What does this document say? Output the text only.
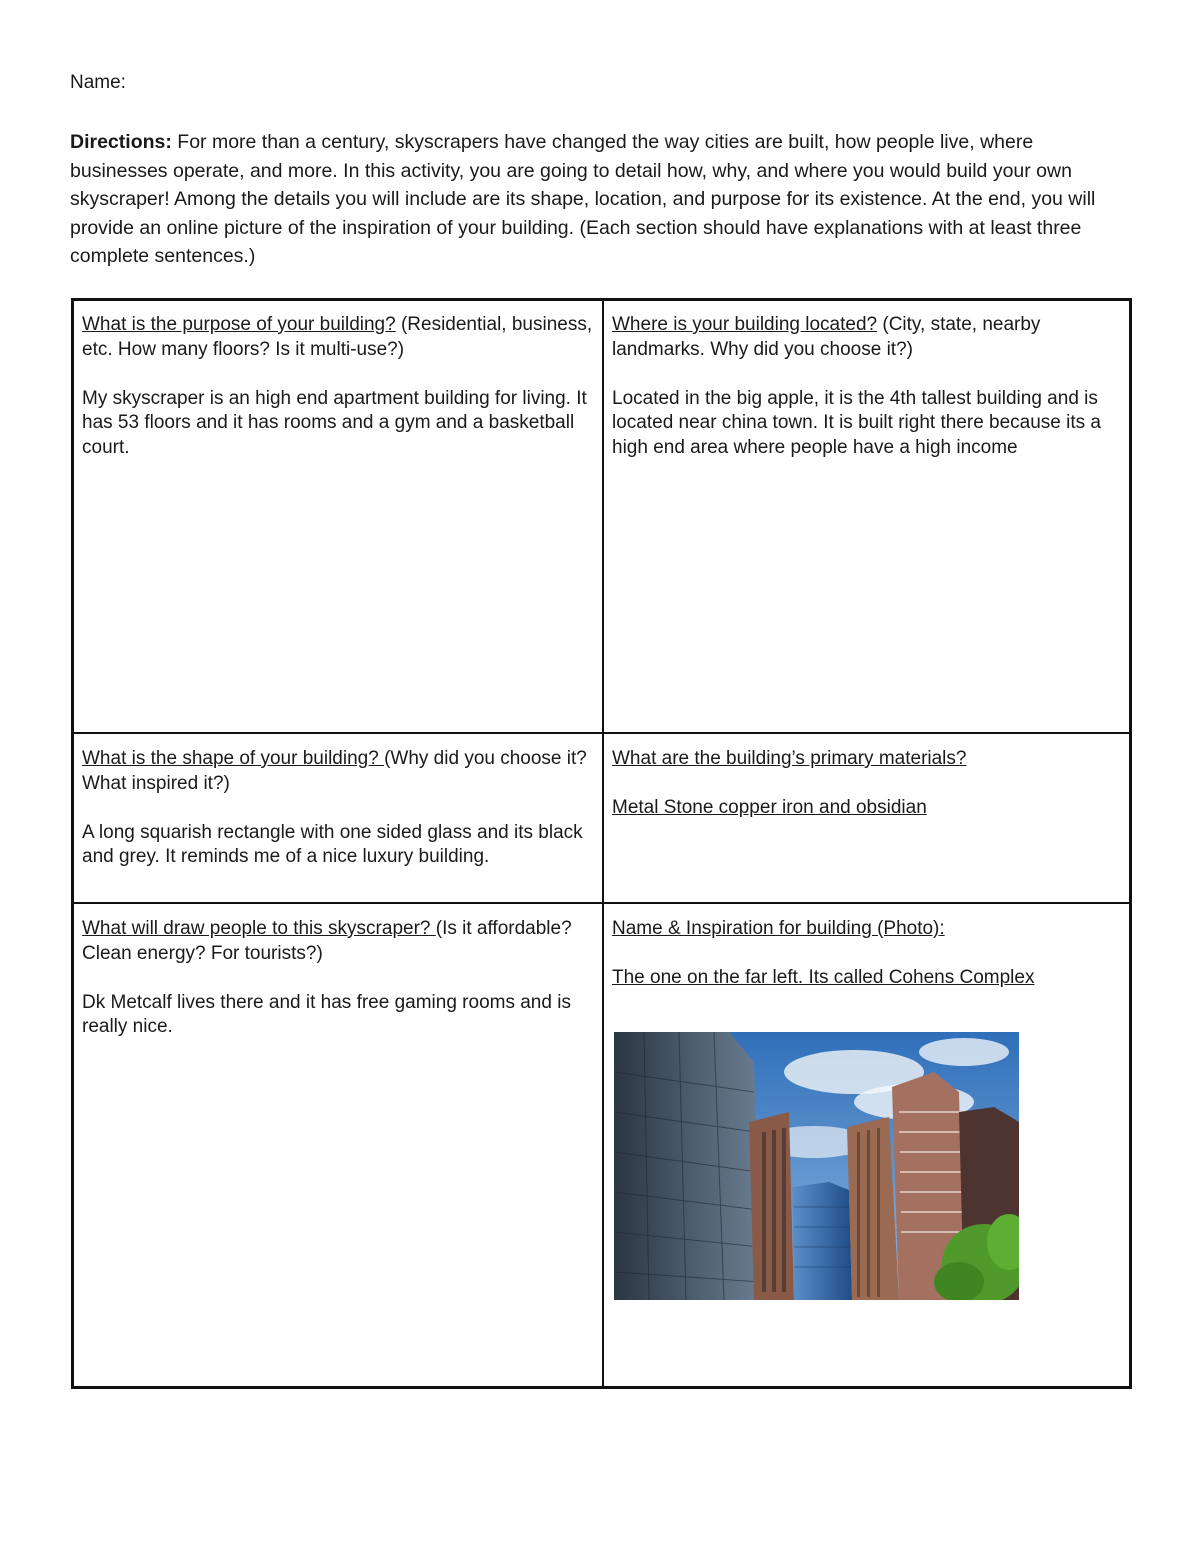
Name:
Directions: For more than a century, skyscrapers have changed the way cities are built, how people live, where businesses operate, and more. In this activity, you are going to detail how, why, and where you would build your own skyscraper! Among the details you will include are its shape, location, and purpose for its existence. At the end, you will provide an online picture of the inspiration of your building. (Each section should have explanations with at least three complete sentences.)

What is the purpose of your building? (Residential, business, etc. How many floors? Is it multi-use?)

My skyscraper is an high end apartment building for living. It has 53 floors and it has rooms and a gym and a basketball court.

Where is your building located? (City, state, nearby landmarks. Why did you choose it?)

Located in the big apple, it is the 4th tallest building and is located near china town. It is built right there because its a high end area where people have a high income

What is the shape of your building? (Why did you choose it? What inspired it?)

A long squarish rectangle with one sided glass and its black and grey. It reminds me of a nice luxury building.

What are the building’s primary materials?

Metal Stone copper iron and obsidian

What will draw people to this skyscraper? (Is it affordable? Clean energy? For tourists?)

Dk Metcalf lives there and it has free gaming rooms and is really nice.

Name & Inspiration for building (Photo):

The one on the far left. Its called Cohens Complex
